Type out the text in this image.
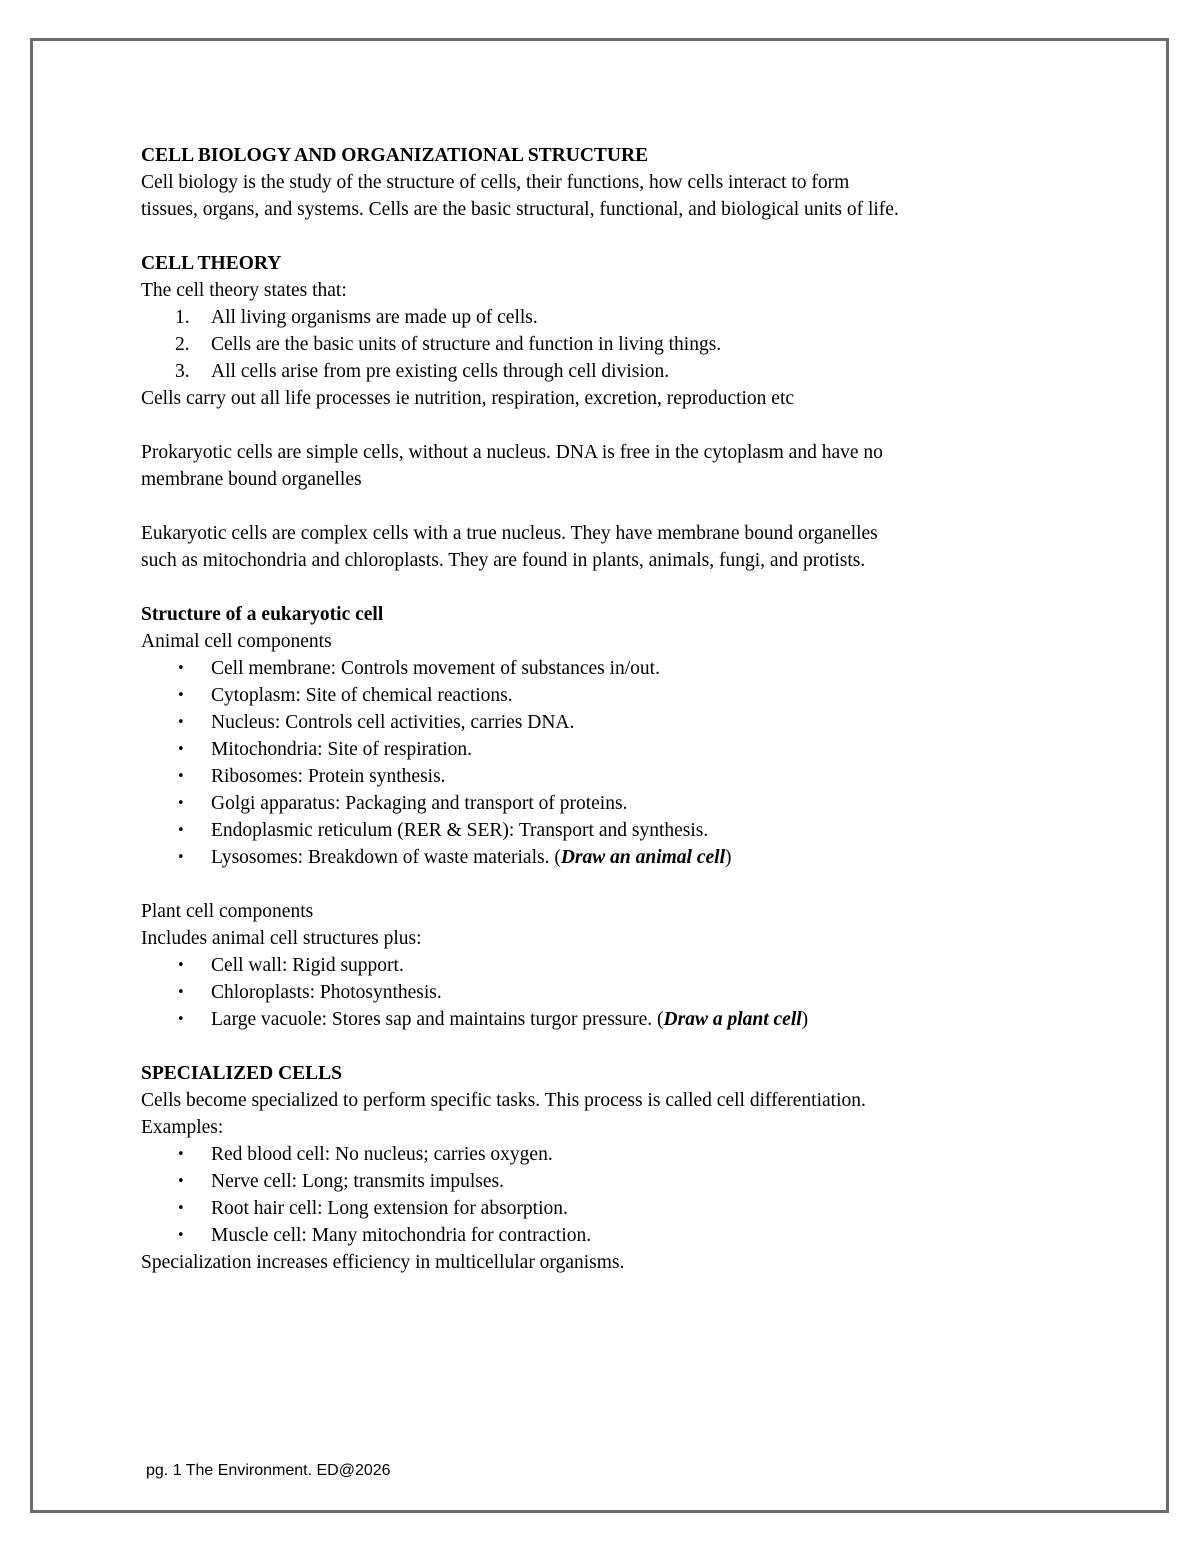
CELL BIOLOGY AND ORGANIZATIONAL STRUCTURE

Cell biology is the study of the structure of cells, their functions, how cells interact to form

tissues, organs, and systems. Cells are the basic structural, functional, and biological units of life.

CELL THEORY

The cell theory states that:

1.	All living organisms are made up of cells.
2.	Cells are the basic units of structure and function in living things.
3.	All cells arise from pre existing cells through cell division.

Cells carry out all life processes ie nutrition, respiration, excretion, reproduction etc

Prokaryotic cells are simple cells, without a nucleus. DNA is free in the cytoplasm and have no

membrane bound organelles

Eukaryotic cells are complex cells with a true nucleus. They have membrane bound organelles

such as mitochondria and chloroplasts. They are found in plants, animals, fungi, and protists.

Structure of a eukaryotic cell

Animal cell components

• Cell membrane: Controls movement of substances in/out.
• Cytoplasm: Site of chemical reactions.
• Nucleus: Controls cell activities, carries DNA.
• Mitochondria: Site of respiration.
• Ribosomes: Protein synthesis.
• Golgi apparatus: Packaging and transport of proteins.
• Endoplasmic reticulum (RER & SER): Transport and synthesis.
• Lysosomes: Breakdown of waste materials. (Draw an animal cell)

Plant cell components

Includes animal cell structures plus:

• Cell wall: Rigid support.
• Chloroplasts: Photosynthesis.
• Large vacuole: Stores sap and maintains turgor pressure. (Draw a plant cell)

SPECIALIZED CELLS

Cells become specialized to perform specific tasks. This process is called cell differentiation.

Examples:

• Red blood cell: No nucleus; carries oxygen.
• Nerve cell: Long; transmits impulses.
• Root hair cell: Long extension for absorption.
• Muscle cell: Many mitochondria for contraction.

Specialization increases efficiency in multicellular organisms.

pg. 1 The Environment. ED@2026
